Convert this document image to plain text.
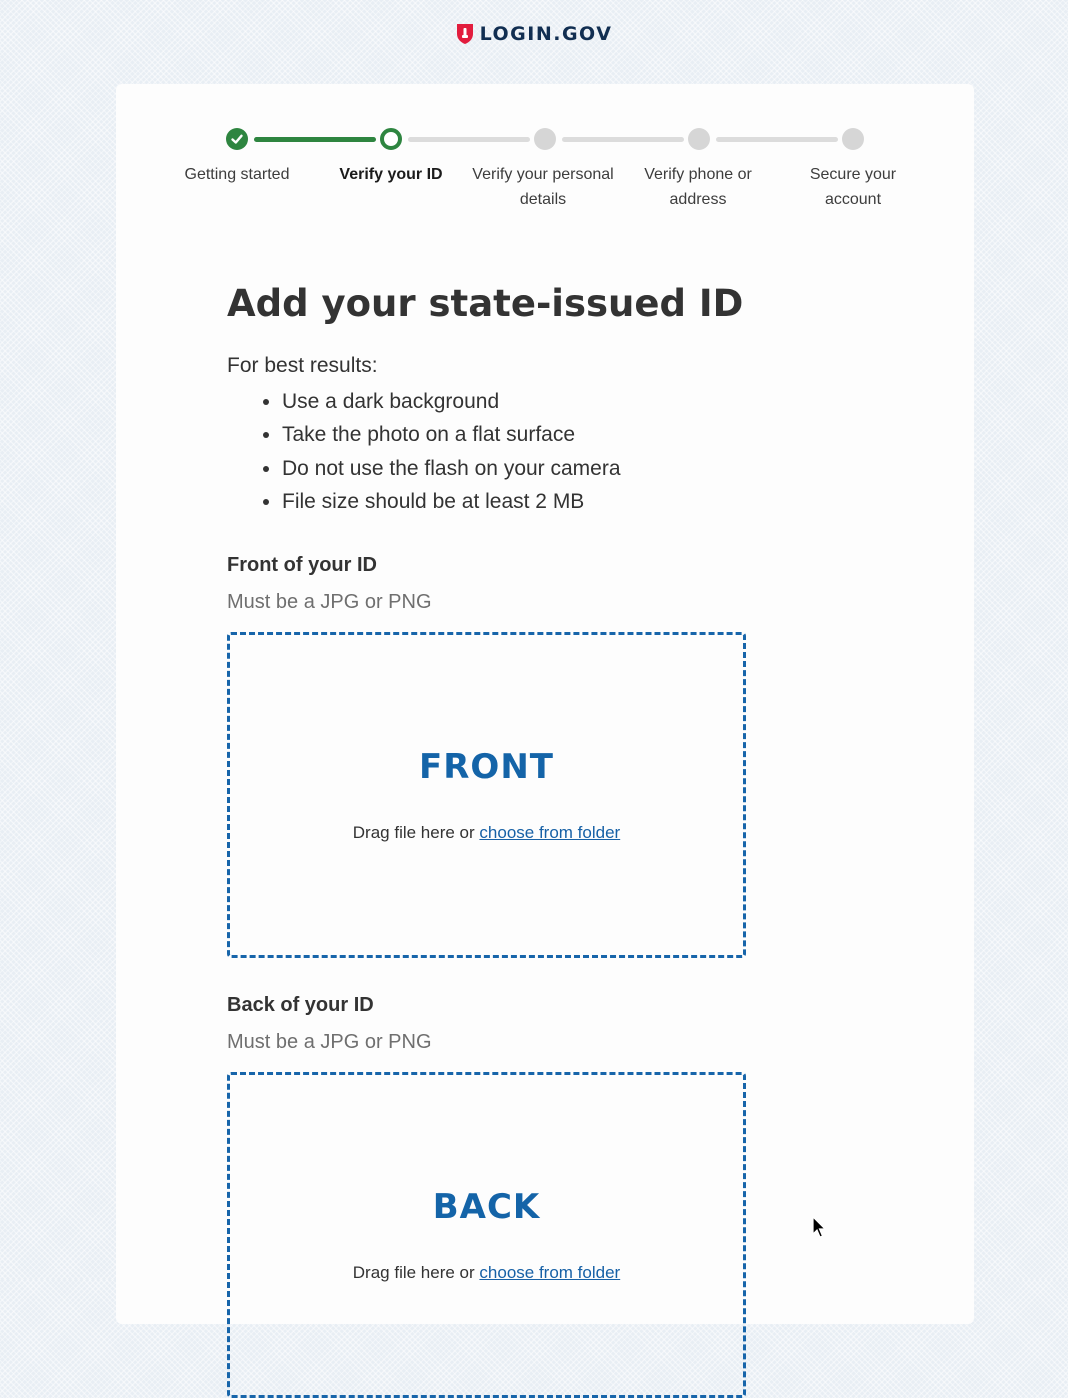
LOGIN.GOV
Getting started	Verify your ID	Verify your personal details
Verify phone or address
Secure your account
Add your state-issued ID
For best results:
• Use a dark background
• Take the photo on a flat surface
• Do not use the flash on your camera
• File size should be at least 2 MB
Front of your ID
Must be a JPG or PNG
FRONT
Drag file here or choose from folder
Back of your ID
Must be a JPG or PNG
BACK
Drag file here or choose from folder
